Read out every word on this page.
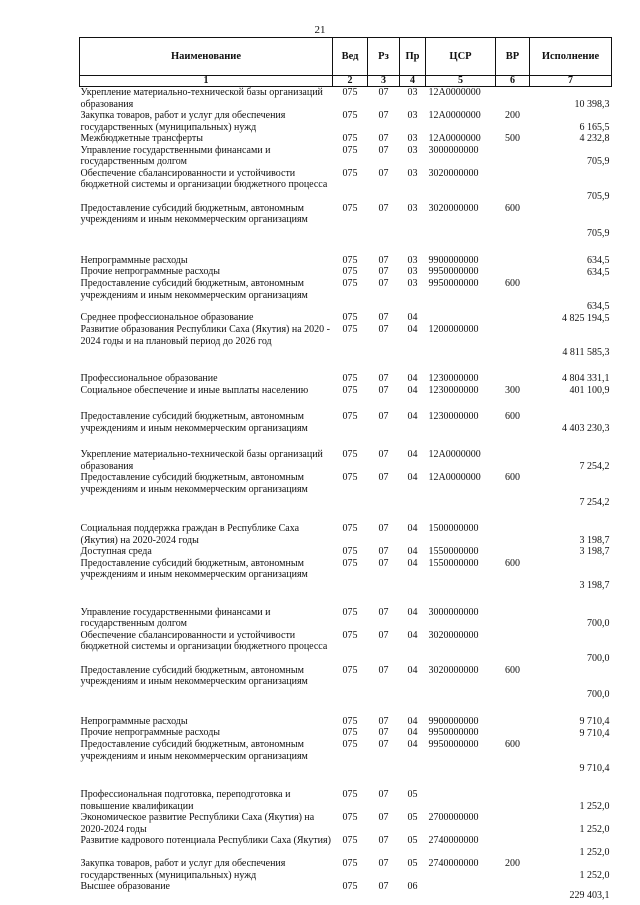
21
Наименование	Вед	Рз	Пр	ЦСР	ВР	Исполнение
1	2	3	4	5	6	7
Укрепление материально-технической базы организаций образования	075	07	03	12А0000000		10 398,3
Закупка товаров, работ и услуг для обеспечения государственных (муниципальных) нужд	075	07	03	12А0000000	200	6 165,5
Межбюджетные трансферты	075	07	03	12А0000000	500	4 232,8
Управление государственными финансами и государственным долгом	075	07	03	3000000000		705,9
Обеспечение сбалансированности и устойчивости бюджетной системы и организации бюджетного процесса	075	07	03	3020000000		705,9
Предоставление субсидий бюджетным, автономным учреждениям и иным некоммерческим организациям	075	07	03	3020000000	600	705,9
Непрограммные расходы	075	07	03	9900000000		634,5
Прочие непрограммные расходы	075	07	03	9950000000		634,5
Предоставление субсидий бюджетным, автономным учреждениям и иным некоммерческим организациям	075	07	03	9950000000	600	634,5
Среднее профессиональное образование	075	07	04			4 825 194,5
Развитие образования Республики Саха (Якутия) на 2020 - 2024 годы и на плановый период до 2026 год	075	07	04	1200000000		4 811 585,3
Профессиональное образование	075	07	04	1230000000		4 804 331,1
Социальное обеспечение и иные выплаты населению	075	07	04	1230000000	300	401 100,9
Предоставление субсидий бюджетным, автономным учреждениям и иным некоммерческим организациям	075	07	04	1230000000	600	4 403 230,3
Укрепление материально-технической базы организаций образования	075	07	04	12А0000000		7 254,2
Предоставление субсидий бюджетным, автономным учреждениям и иным некоммерческим организациям	075	07	04	12А0000000	600	7 254,2
Социальная поддержка граждан в Республике Саха (Якутия) на 2020-2024 годы	075	07	04	1500000000		3 198,7
Доступная среда	075	07	04	1550000000		3 198,7
Предоставление субсидий бюджетным, автономным учреждениям и иным некоммерческим организациям	075	07	04	1550000000	600	3 198,7
Управление государственными финансами и государственным долгом	075	07	04	3000000000		700,0
Обеспечение сбалансированности и устойчивости бюджетной системы и организации бюджетного процесса	075	07	04	3020000000		700,0
Предоставление субсидий бюджетным, автономным учреждениям и иным некоммерческим организациям	075	07	04	3020000000	600	700,0
Непрограммные расходы	075	07	04	9900000000		9 710,4
Прочие непрограммные расходы	075	07	04	9950000000		9 710,4
Предоставление субсидий бюджетным, автономным учреждениям и иным некоммерческим организациям	075	07	04	9950000000	600	9 710,4
Профессиональная подготовка, переподготовка и повышение квалификации	075	07	05			1 252,0
Экономическое развитие Республики Саха (Якутия) на 2020-2024 годы	075	07	05	2700000000		1 252,0
Развитие кадрового потенциала Республики Саха (Якутия)	075	07	05	2740000000		1 252,0
Закупка товаров, работ и услуг для обеспечения государственных (муниципальных) нужд	075	07	05	2740000000	200	1 252,0
Высшее образование	075	07	06			229 403,1
